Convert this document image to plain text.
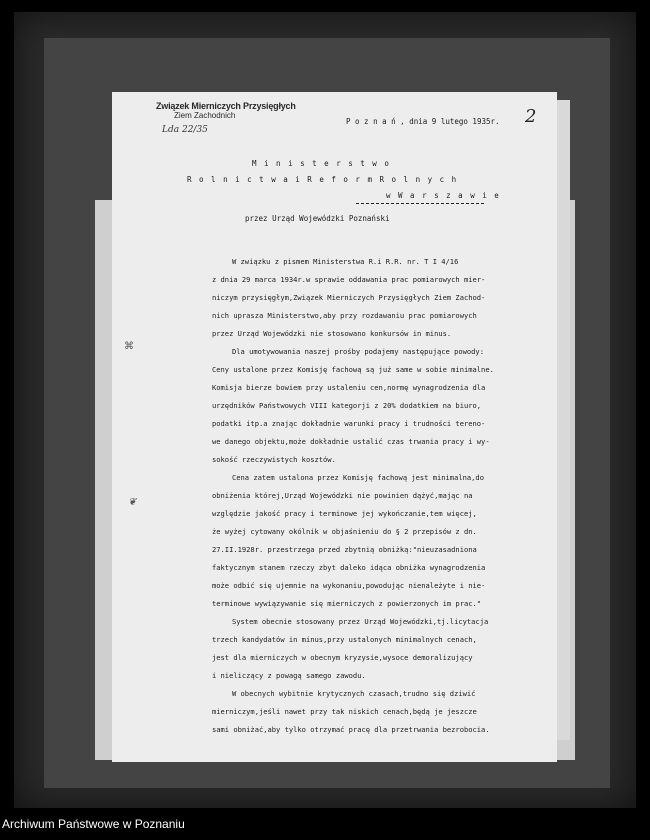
Związek Mierniczych Przysięgłych
Ziem Zachodnich
Lda 22/35
P o z n a ń , dnia 9 lutego 1935r. 2
M i n i s t e r s t w o
R o l n i c t w a i R e f o r m R o l n y c h
w W a r s z a w i e
przez Urząd Wojewódzki Poznański
⌘
❦
W związku z pismem Ministerstwa R.i R.R. nr. T I 4/16
z dnia 29 marca 1934r.w sprawie oddawania prac pomiarowych mier-
niczym przysięgłym,Związek Mierniczych Przysięgłych Ziem Zachod-
nich uprasza Ministerstwo,aby przy rozdawaniu prac pomiarowych
przez Urząd Wojewódzki nie stosowano konkursów in minus.
Dla umotywowania naszej prośby podajemy następujące powody:
Ceny ustalone przez Komisję fachową są już same w sobie minimalne.
Komisja bierze bowiem przy ustaleniu cen,normę wynagrodzenia dla
urzędników Państwowych VIII kategorji z 20% dodatkiem na biuro,
podatki itp.a znając dokładnie warunki pracy i trudności tereno-
we danego objektu,może dokładnie ustalić czas trwania pracy i wy-
sokość rzeczywistych kosztów.
Cena zatem ustalona przez Komisję fachową jest minimalna,do
obniżenia której,Urząd Wojewódzki nie powinien dążyć,mając na
względzie jakość pracy i terminowe jej wykończanie,tem więcej,
że wyżej cytowany okólnik w objaśnieniu do § 2 przepisów z dn.
27.II.1928r. przestrzega przed zbytnią obniżką:"nieuzasadniona
faktycznym stanem rzeczy zbyt daleko idąca obniżka wynagrodzenia
może odbić się ujemnie na wykonaniu,powodując nienależyte i nie-
terminowe wywiązywanie się mierniczych z powierzonych im prac."
System obecnie stosowany przez Urząd Wojewódzki,tj.licytacja
trzech kandydatów in minus,przy ustalonych minimalnych cenach,
jest dla mierniczych w obecnym kryzysie,wysoce demoralizujący
i nieliczący z powagą samego zawodu.
W obecnych wybitnie krytycznych czasach,trudno się dziwić
mierniczym,jeśli nawet przy tak niskich cenach,będą je jeszcze
sami obniżać,aby tylko otrzymać pracę dla przetrwania bezrobocia.
Archiwum Państwowe w Poznaniu
